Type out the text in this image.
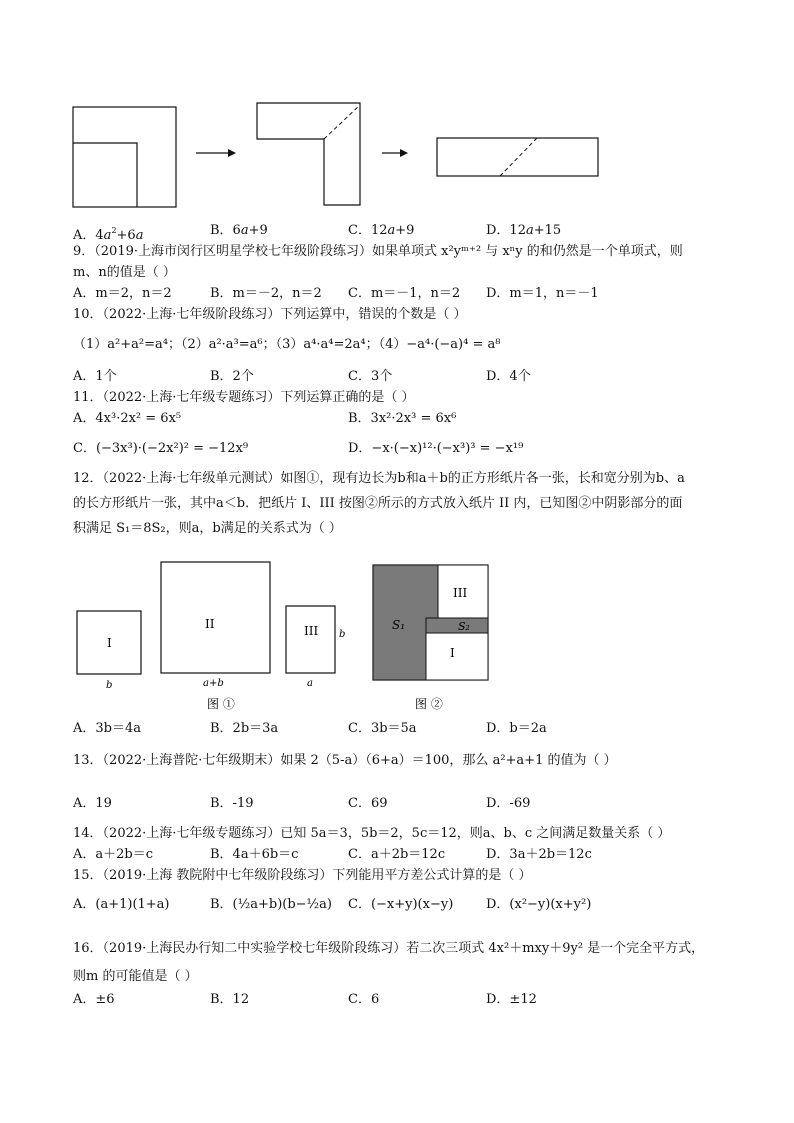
A．$4a^2+6a$	B．6a+9	C．12a+9	D．12a+15
9．（2019·上海市闵行区明星学校七年级阶段练习）如果单项式 x²yᵐ⁺² 与 xⁿy 的和仍然是一个单项式，则
m、n的值是（ ）
A．m＝2，n＝2	B．m＝－2，n＝2 C．m＝－1，n＝2 D．m＝1，n＝－1
10．（2022·上海·七年级阶段练习）下列运算中，错误的个数是（ ）
（1）a²+a²=a⁴；（2）a²·a³=a⁶；（3）a⁴·a⁴=2a⁴；（4）−a⁴·(−a)⁴ = a⁸
A．1个	B．2个	C．3个	D．4个
11．（2022·上海·七年级专题练习）下列运算正确的是（ ）
A．4x³·2x² = 6x⁵	B．3x²·2x³ = 6x⁶
C．(−3x³)·(−2x²)² = −12x⁹	D．−x·(−x)¹²·(−x³)³ = −x¹⁹
12．（2022·上海·七年级单元测试）如图①，现有边长为b和a＋b的正方形纸片各一张，长和宽分别为b、a
的长方形纸片一张，其中a＜b．把纸片 I、III 按图②所示的方式放入纸片 II 内，已知图②中阴影部分的面
积满足 S₁＝8S₂，则a，b满足的关系式为（ ）
I
b
II
a+b
III b
a
图 ①
S₁	S₂
III
I
图 ②
A．3b＝4a	B．2b＝3a	C．3b＝5a	D．b＝2a
13．（2022·上海普陀·七年级期末）如果 2（5-a）（6+a）＝100，那么 a²+a+1 的值为（ ）
A．19	B．-19	C．69	D．-69
14．（2022·上海·七年级专题练习）已知 5a＝3，5b＝2，5c＝12，则a、b、c 之间满足数量关系（ ）
A．a＋2b＝c	B．4a＋6b＝c	C．a＋2b＝12c	D．3a＋2b＝12c
15．（2019·上海 教院附中七年级阶段练习）下列能用平方差公式计算的是（ ）
A．(a+1)(1+a)	B．(½a+b)(b−½a) C．(−x+y)(x−y)	D．(x²−y)(x+y²)
16．（2019·上海民办行知二中实验学校七年级阶段练习）若二次三项式 4x²＋mxy＋9y² 是一个完全平方式，
则m 的可能值是（ ）
A．±6	B．12	C．6	D．±12
